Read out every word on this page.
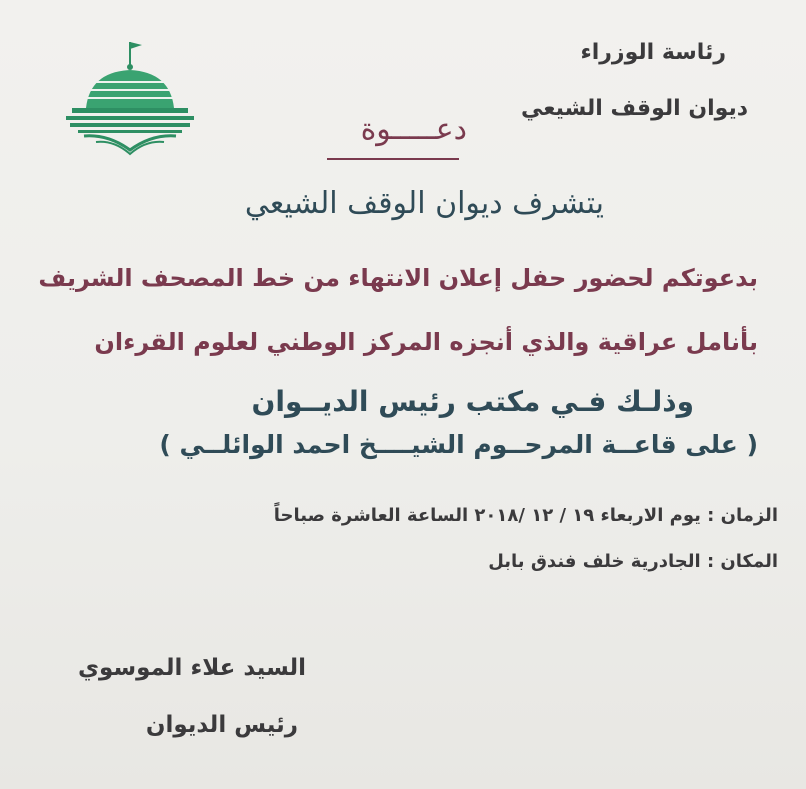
رئاسة الوزراء
ديوان الوقف الشيعي
دعـــــوة
يتشرف ديوان الوقف الشيعي
بدعوتكم لحضور حفل إعلان الانتهاء من خط المصحف الشريف
بأنامل عراقية والذي أنجزه المركز الوطني لعلوم القرءان
وذلـك فـي مكتب رئيس الديــوان
( على قاعــة المرحــوم الشيــــخ احمد الوائلــي )
الزمان : يوم الاربعاء ١٩ / ١٢ /٢٠١٨ الساعة العاشرة صباحاً
المكان : الجادرية خلف فندق بابل
السيد علاء الموسوي
رئيس الديوان
